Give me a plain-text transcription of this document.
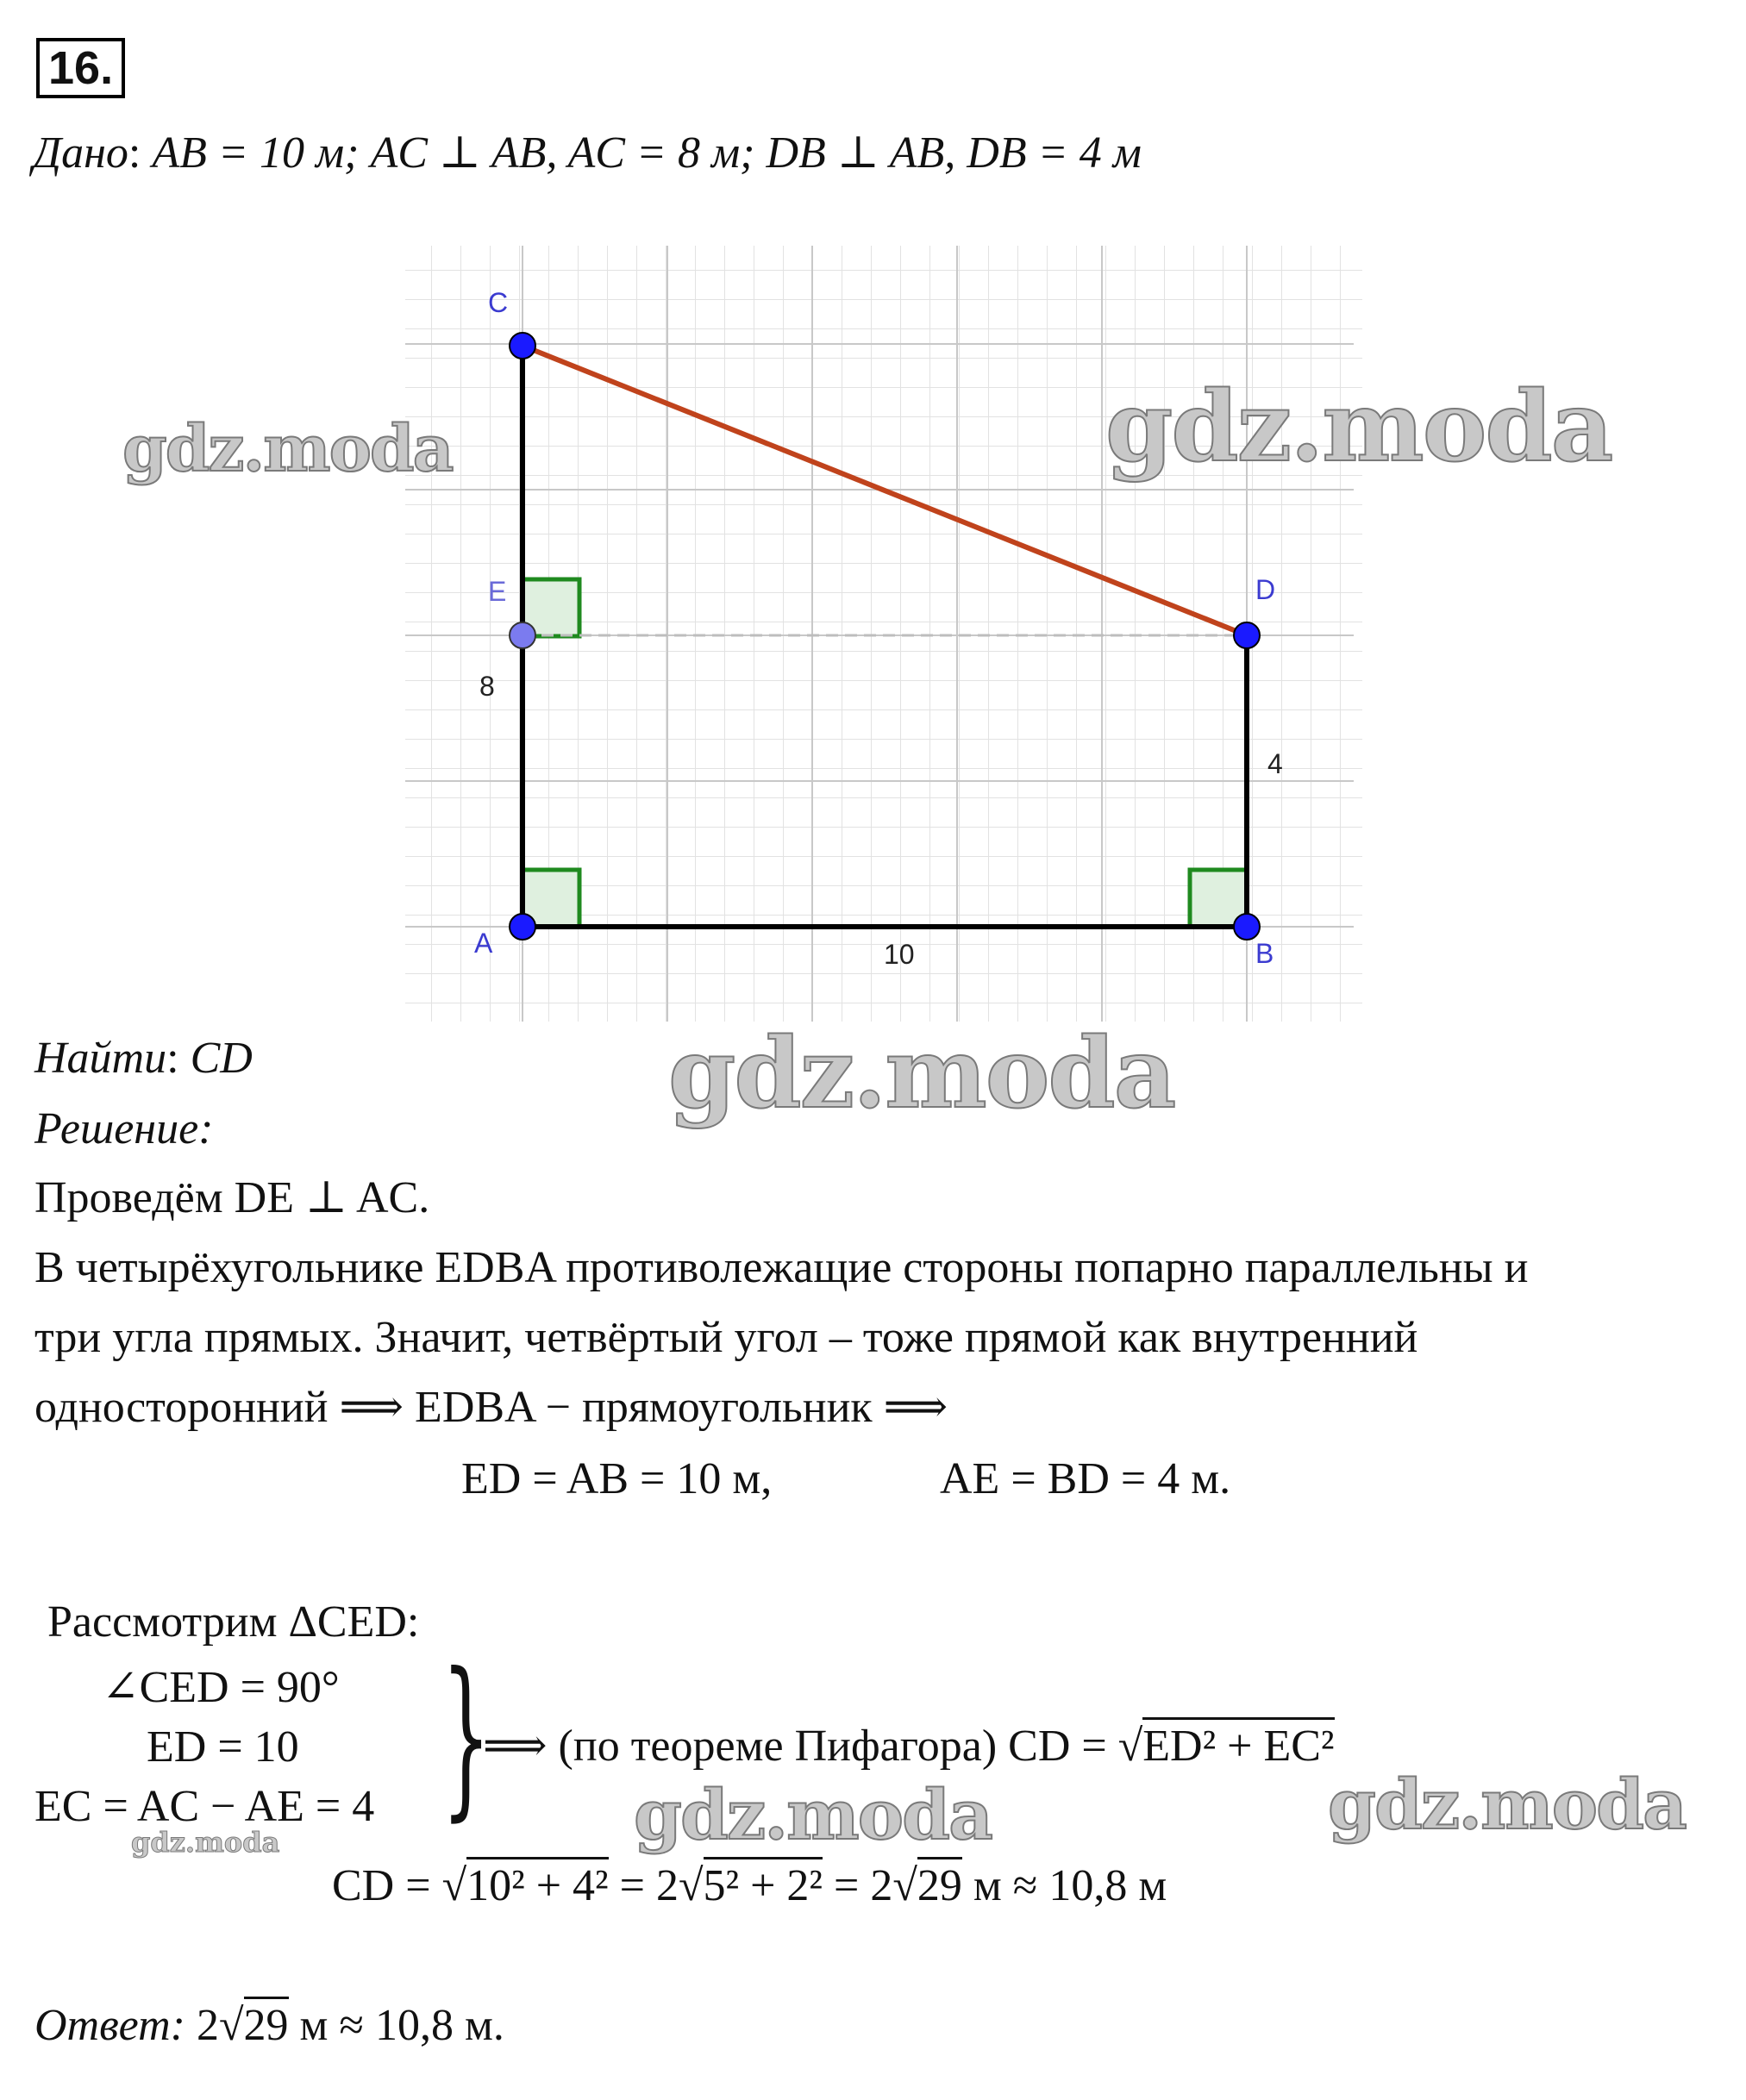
16.
Дано: AB = 10 м; AC ⊥ AB, AC = 8 м; DB ⊥ AB, DB = 4 м
C
E	D
A	B
8
4
10
Найти: CD
Решение:
Проведём DE ⊥ AC.
В четырёхугольнике EDBA противолежащие стороны попарно параллельны и
три угла прямых. Значит, четвёртый угол – тоже прямой как внутренний
односторонний ⟹ EDBA − прямоугольник ⟹
ED = AB = 10 м,	AE = BD = 4 м.
Рассмотрим ΔCED:
∠CED = 90°
ED = 10
EC = AC − AE = 4 }
⟹ (по теореме Пифагора) CD = √ED² + EC²
CD = √10² + 4² = 2√5² + 2² = 2√29 м ≈ 10,8 м
Ответ: 2√29 м ≈ 10,8 м.
gdz.moda	gdz.moda
gdz.moda
gdz.moda	gdz.moda
gdz.moda
